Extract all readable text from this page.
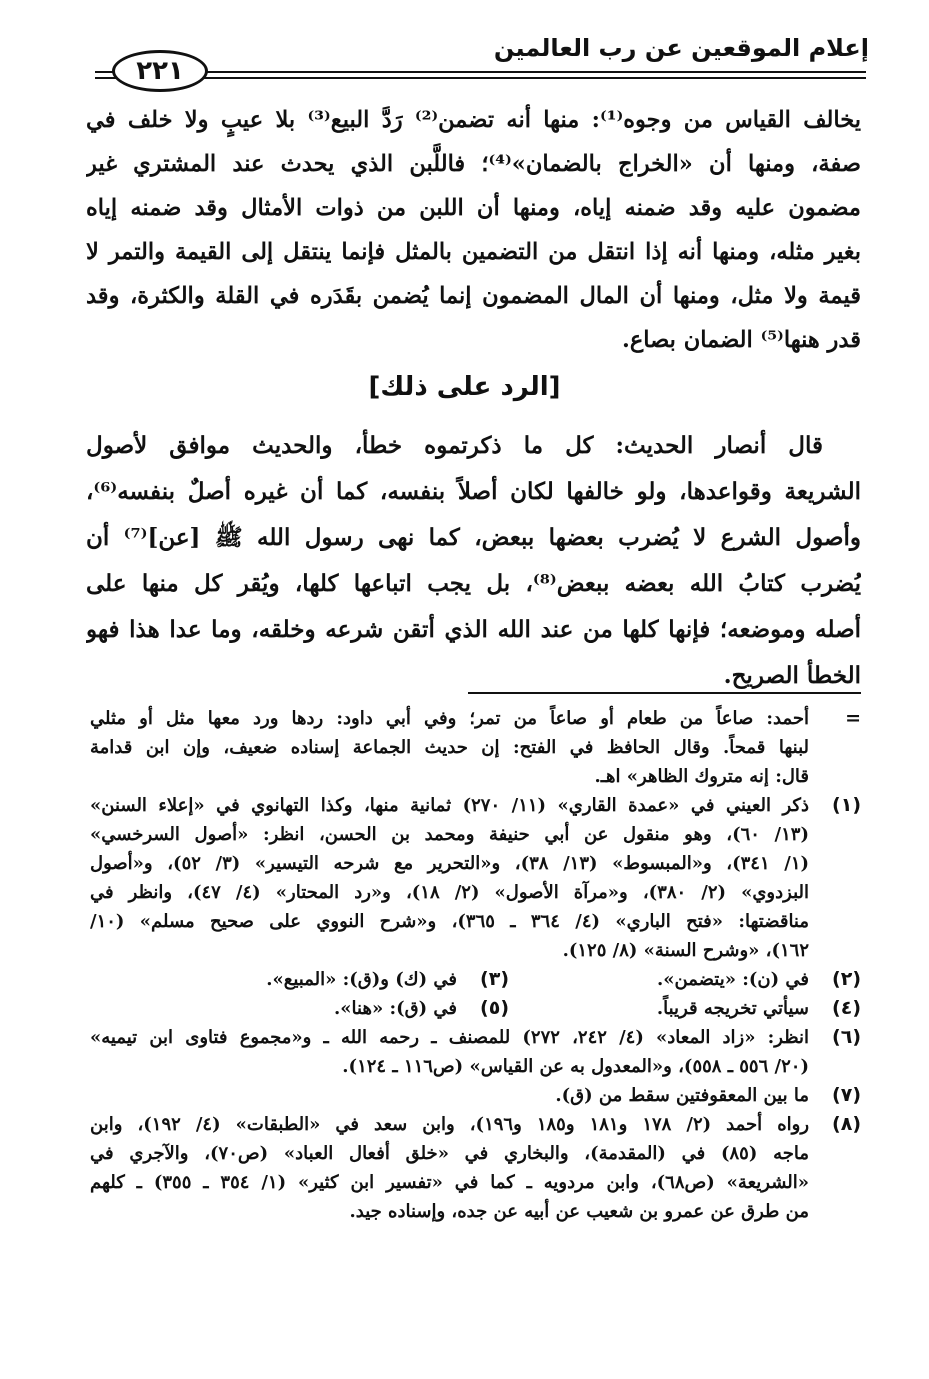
إعلام الموقعين عن رب العالمين
٢٢١
يخالف القياس من وجوه⁽¹⁾: منها أنه تضمن⁽²⁾ رَدَّ البيع⁽³⁾ بلا عيبٍ ولا خلف في
صفة، ومنها أن «الخراج بالضمان»⁽⁴⁾؛ فاللَّبن الذي يحدث عند المشتري غير
مضمون عليه وقد ضمنه إياه، ومنها أن اللبن من ذوات الأمثال وقد ضمنه إياه
بغير مثله، ومنها أنه إذا انتقل من التضمين بالمثل فإنما ينتقل إلى القيمة والتمر لا
قيمة ولا مثل، ومنها أن المال المضمون إنما يُضمن بقَدَره في القلة والكثرة، وقد
قدر هنها⁽⁵⁾ الضمان بصاع.
[الرد على ذلك]
قال أنصار الحديث: كل ما ذكرتموه خطأ، والحديث موافق لأصول
الشريعة وقواعدها، ولو خالفها لكان أصلاً بنفسه، كما أن غيره أصلٌ بنفسه⁽⁶⁾،
وأصول الشرع لا يُضرب بعضها ببعض، كما نهى رسول الله ﷺ [عن]⁽⁷⁾ أن
يُضرب كتابُ الله بعضه ببعض⁽⁸⁾، بل يجب اتباعها كلها، ويُقر كل منها على
أصله وموضعه؛ فإنها كلها من عند الله الذي أتقن شرعه وخلقه، وما عدا هذا فهو
الخطأ الصريح.
=
أحمد: صاعاً من طعام أو صاعاً من تمر؛ وفي أبي داود: ردها ورد معها مثل أو مثلي
لبنها قمحاً. وقال الحافظ في الفتح: إن حديث الجماعة إسناده ضعيف، وإن ابن قدامة
قال: إنه متروك الظاهر» اهـ.
(١)
ذكر العيني في «عمدة القاري» (١١/ ٢٧٠) ثمانية منها، وكذا التهانوي في «إعلاء السنن»
(١٣/ ٦٠)، وهو منقول عن أبي حنيفة ومحمد بن الحسن، انظر: «أصول السرخسي»
(١/ ٣٤١)، و«المبسوط» (١٣/ ٣٨)، و«التحرير مع شرحه التيسير» (٣/ ٥٢)، و«أصول
البزدوي» (٢/ ٣٨٠)، و«مرآة الأصول» (٢/ ١٨)، و«رد المحتار» (٤/ ٤٧)، وانظر في
مناقضتها: «فتح الباري» (٤/ ٣٦٤ ـ ٣٦٥)، و«شرح النووي على صحيح مسلم» (١٠/
١٦٢)، «وشرح السنة» (٨/ ١٢٥).
(٢)
في (ن): «يتضمن».
(٣)
في (ك) و(ق): «المبيع».
(٤)
سيأتي تخريجه قريباً.
(٥)
في (ق): «هنا».
(٦)
انظر: «زاد المعاد» (٤/ ٢٤٢، ٢٧٢) للمصنف ـ رحمه الله ـ و«مجموع فتاوى ابن تيميه»
(٢٠/ ٥٥٦ ـ ٥٥٨)، و«المعدول به عن القياس» (ص١١٦ ـ ١٢٤).
(٧)
ما بين المعقوفتين سقط من (ق).
(٨)
رواه أحمد (٢/ ١٧٨ و١٨١ و١٨٥ و١٩٦)، وابن سعد في «الطبقات» (٤/ ١٩٢)، وابن
ماجه (٨٥) في (المقدمة)، والبخاري في «خلق أفعال العباد» (ص٧٠)، والآجري في
«الشريعة» (ص٦٨)، وابن مردويه ـ كما في «تفسير ابن كثير» (١/ ٣٥٤ ـ ٣٥٥) ـ كلهم
من طرق عن عمرو بن شعيب عن أبيه عن جده، وإسناده جيد.
